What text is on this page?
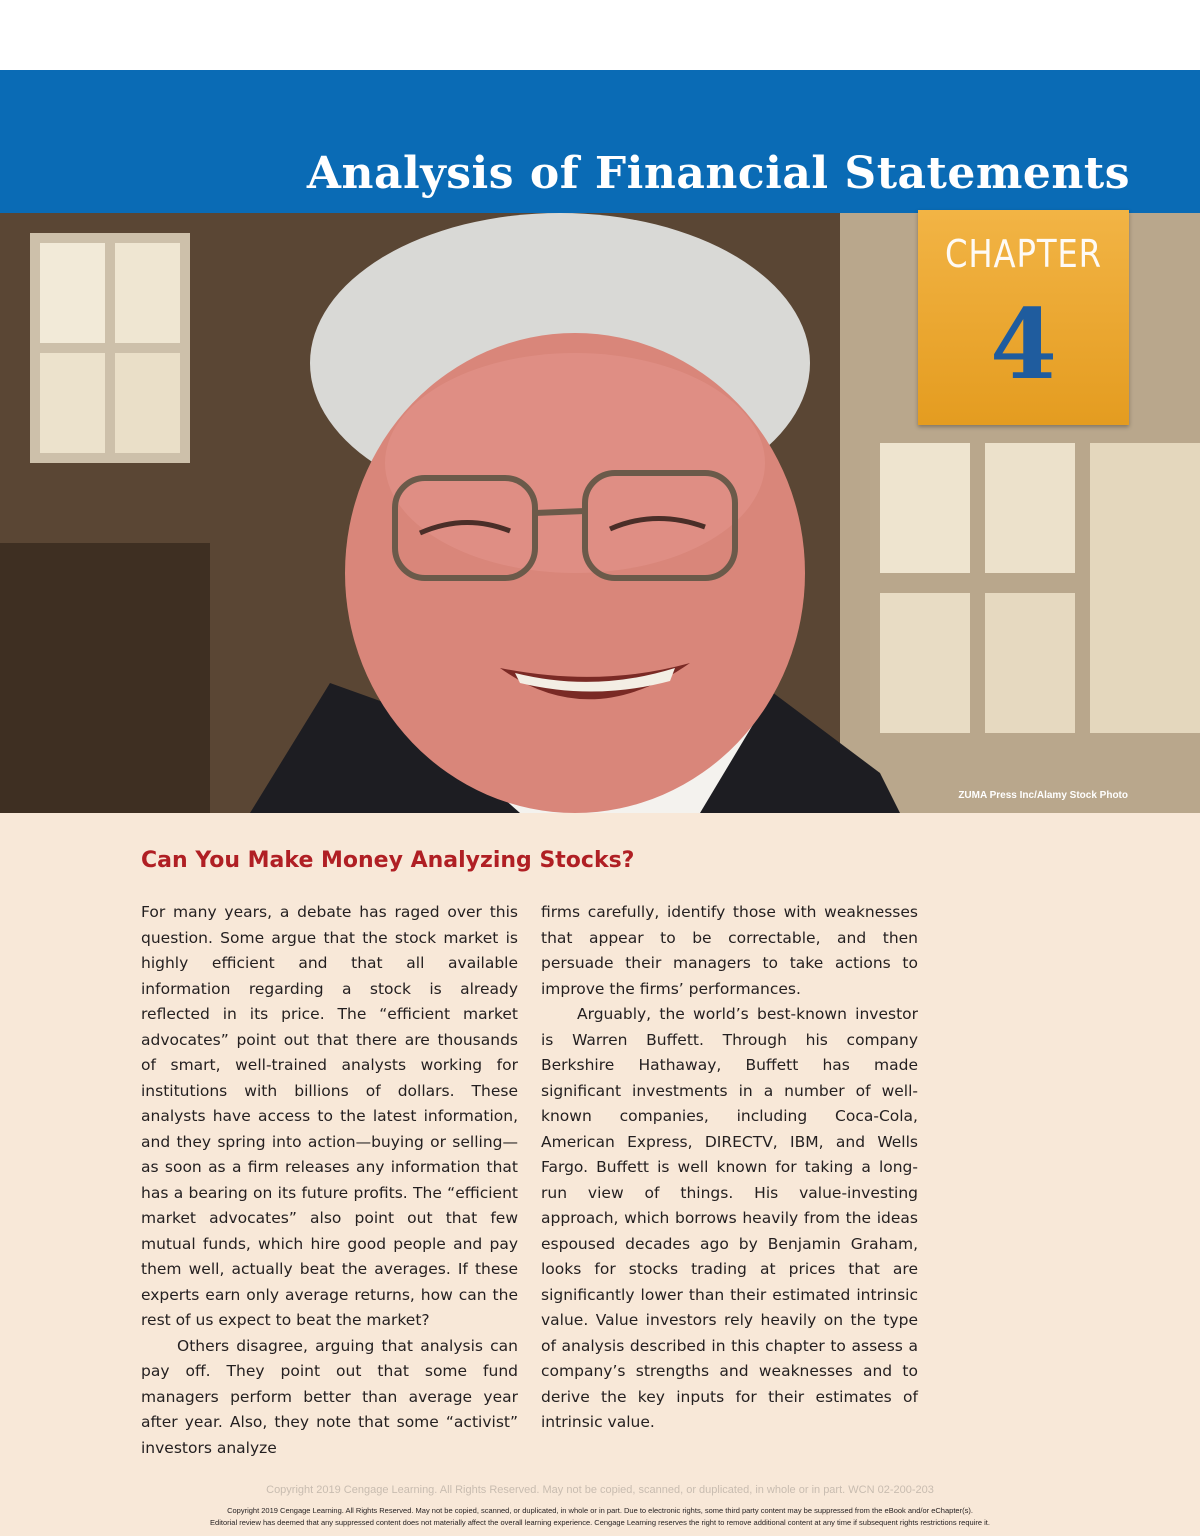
Analysis of Financial Statements
ZUMA Press Inc/Alamy Stock Photo
CHAPTER
4
Can You Make Money Analyzing Stocks?

For many years, a debate has raged over this question. Some argue that the stock market is highly efficient and that all available information regarding a stock is already reflected in its price. The “efficient market advocates” point out that there are thousands of smart, well-trained analysts working for institutions with billions of dollars. These analysts have access to the latest information, and they spring into action—buying or selling—as soon as a firm releases any information that has a bearing on its future profits. The “efficient market advocates” also point out that few mutual funds, which hire good people and pay them well, actually beat the averages. If these experts earn only average returns, how can the rest of us expect to beat the market?

Others disagree, arguing that analysis can pay off. They point out that some fund managers perform better than average year after year. Also, they note that some “activist” investors analyze

firms carefully, identify those with weaknesses that appear to be correctable, and then persuade their managers to take actions to improve the firms’ performances.

Arguably, the world’s best-known investor is Warren Buffett. Through his company Berkshire Hathaway, Buffett has made significant investments in a number of well-known companies, including Coca-Cola, American Express, DIRECTV, IBM, and Wells Fargo. Buffett is well known for taking a long-run view of things. His value-investing approach, which borrows heavily from the ideas espoused decades ago by Benjamin Graham, looks for stocks trading at prices that are significantly lower than their estimated intrinsic value. Value investors rely heavily on the type of analysis described in this chapter to assess a company’s strengths and weaknesses and to derive the key inputs for their estimates of intrinsic value.

Copyright 2019 Cengage Learning. All Rights Reserved. May not be copied, scanned, or duplicated, in whole or in part. WCN 02-200-203
Copyright 2019 Cengage Learning. All Rights Reserved. May not be copied, scanned, or duplicated, in whole or in part. Due to electronic rights, some third party content may be suppressed from the eBook and/or eChapter(s).
Editorial review has deemed that any suppressed content does not materially affect the overall learning experience. Cengage Learning reserves the right to remove additional content at any time if subsequent rights restrictions require it.
